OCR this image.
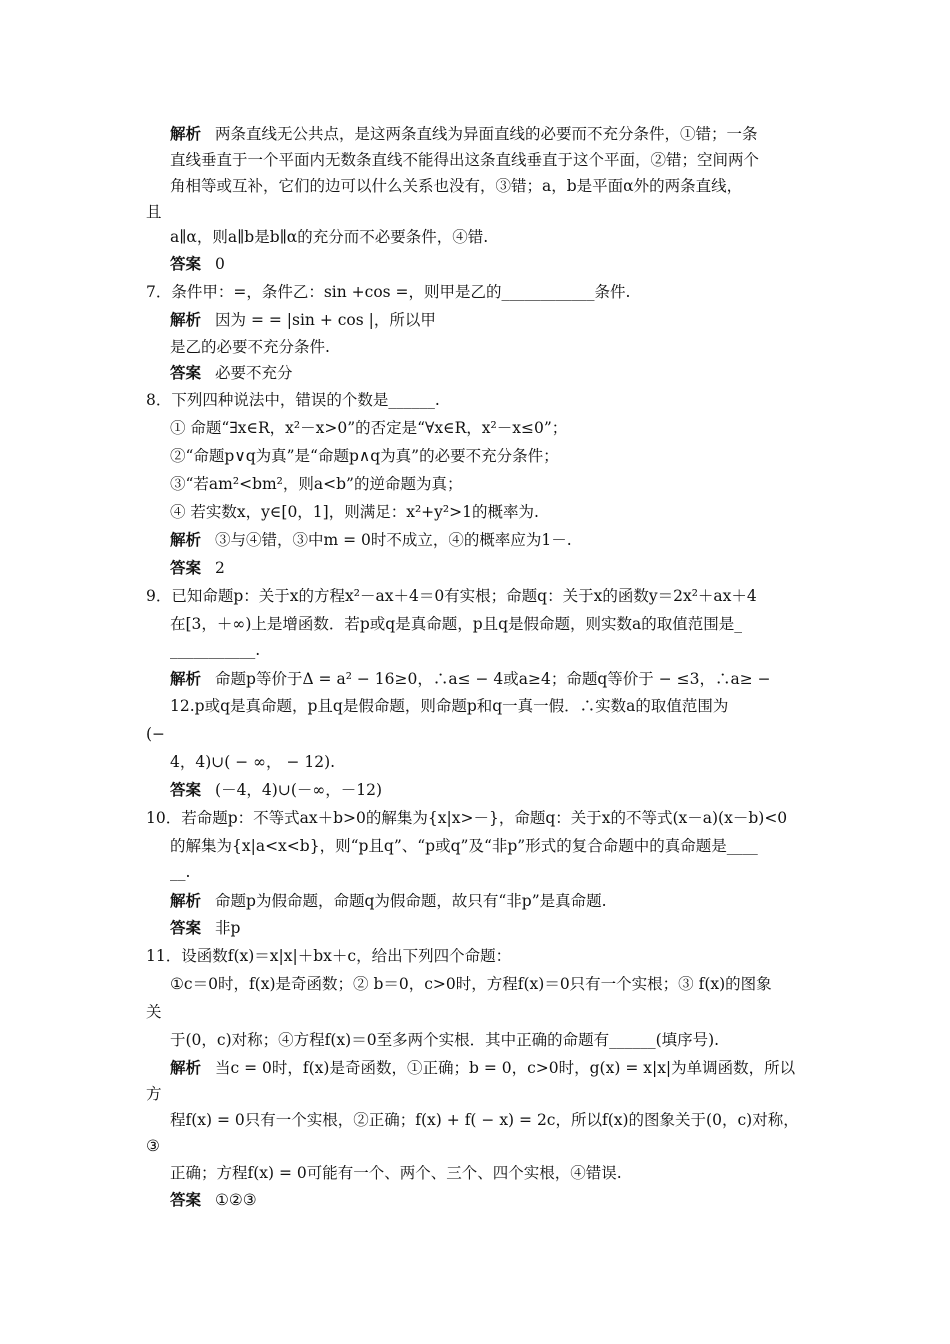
解析 两条直线无公共点，是这两条直线为异面直线的必要而不充分条件，①错；一条
直线垂直于一个平面内无数条直线不能得出这条直线垂直于这个平面，②错；空间两个
角相等或互补，它们的边可以什么关系也没有，③错；a，b是平面α外的两条直线，
且
a∥α，则a∥b是b∥α的充分而不必要条件，④错.
答案 0
7．条件甲：=，条件乙：sin +cos =，则甲是乙的____________条件.
解析 因为 = = |sin + cos |，所以甲
是乙的必要不充分条件.
答案 必要不充分
8．下列四种说法中，错误的个数是______.
① 命题“∃x∈R，x²－x>0”的否定是“∀x∈R，x²－x≤0”；
②“命题p∨q为真”是“命题p∧q为真”的必要不充分条件；
③“若am²<bm²，则a<b”的逆命题为真；
④ 若实数x，y∈[0，1]，则满足：x²+y²>1的概率为.
解析 ③与④错，③中m = 0时不成立，④的概率应为1－.
答案 2
9．已知命题p：关于x的方程x²－ax＋4＝0有实根；命题q：关于x的函数y＝2x²＋ax＋4
在[3，＋∞)上是增函数．若p或q是真命题，p且q是假命题，则实数a的取值范围是_
___________.
解析 命题p等价于Δ = a² − 16≥0，∴a≤ − 4或a≥4；命题q等价于 − ≤3，∴a≥ −
12.p或q是真命题，p且q是假命题，则命题p和q一真一假．∴实数a的取值范围为
(−
4，4)∪( − ∞， − 12).
答案 (－4，4)∪(－∞，－12)
10．若命题p：不等式ax＋b>0的解集为{x|x>－}，命题q：关于x的不等式(x－a)(x－b)<0
的解集为{x|a<x<b}，则“p且q”、“p或q”及“非p”形式的复合命题中的真命题是____
__.
解析 命题p为假命题，命题q为假命题，故只有“非p”是真命题.
答案 非p
11．设函数f(x)＝x|x|＋bx＋c，给出下列四个命题：
①c＝0时，f(x)是奇函数；② b＝0，c>0时，方程f(x)＝0只有一个实根；③ f(x)的图象
关
于(0，c)对称；④方程f(x)＝0至多两个实根．其中正确的命题有______(填序号).
解析 当c = 0时，f(x)是奇函数，①正确；b = 0，c>0时，g(x) = x|x|为单调函数，所以
方
程f(x) = 0只有一个实根，②正确；f(x) + f( − x) = 2c，所以f(x)的图象关于(0，c)对称，
③
正确；方程f(x) = 0可能有一个、两个、三个、四个实根，④错误.
答案 ①②③
